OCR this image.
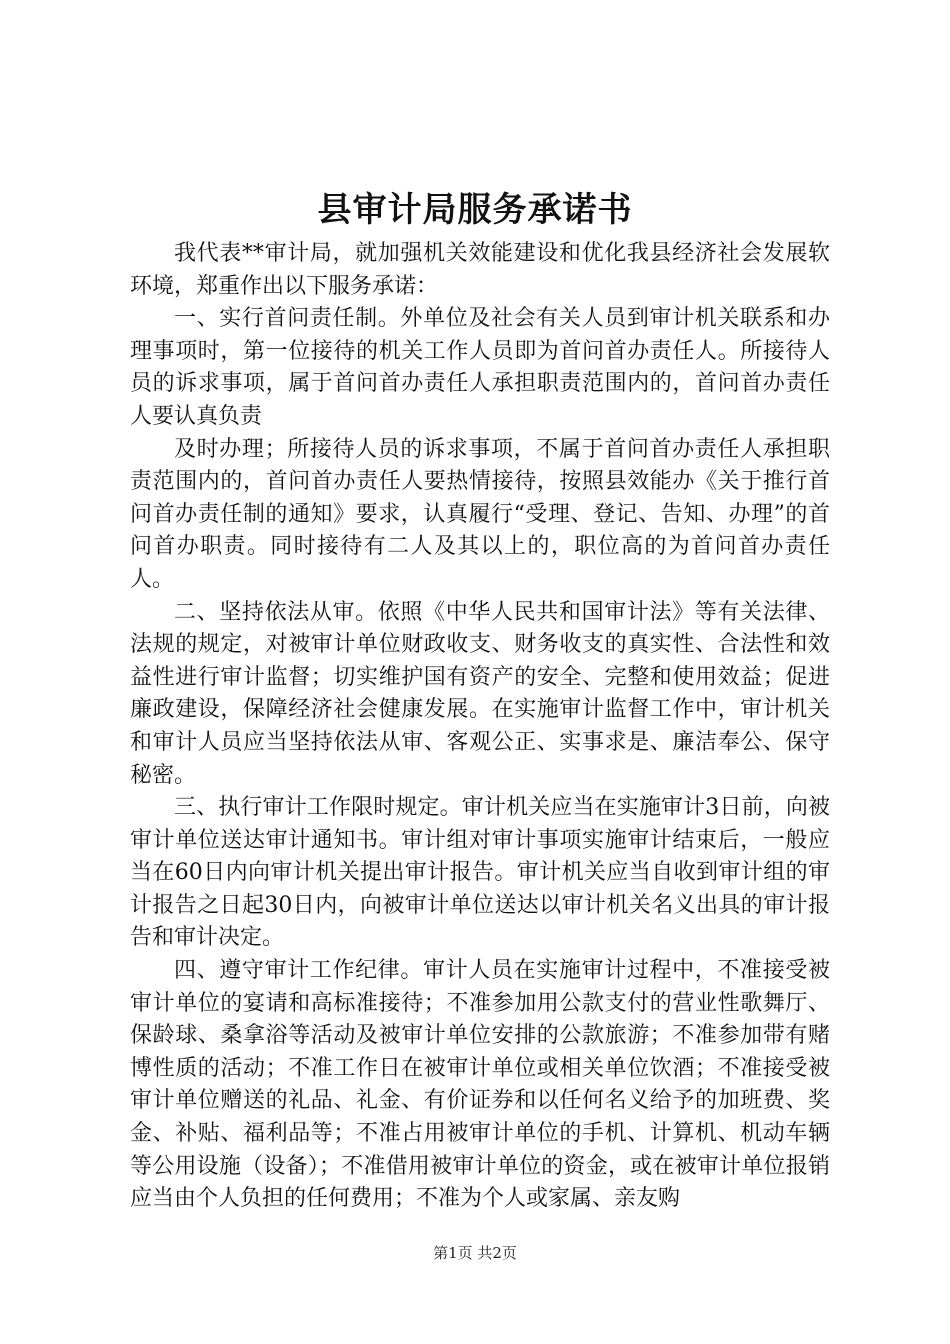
县审计局服务承诺书

我代表**审计局，就加强机关效能建设和优化我县经济社会发展软环境，郑重作出以下服务承诺：

一、实行首问责任制。外单位及社会有关人员到审计机关联系和办理事项时，第一位接待的机关工作人员即为首问首办责任人。所接待人员的诉求事项，属于首问首办责任人承担职责范围内的，首问首办责任人要认真负责

及时办理；所接待人员的诉求事项，不属于首问首办责任人承担职责范围内的，首问首办责任人要热情接待，按照县效能办《关于推行首问首办责任制的通知》要求，认真履行“受理、登记、告知、办理”的首问首办职责。同时接待有二人及其以上的，职位高的为首问首办责任人。

二、坚持依法从审。依照《中华人民共和国审计法》等有关法律、法规的规定，对被审计单位财政收支、财务收支的真实性、合法性和效益性进行审计监督；切实维护国有资产的安全、完整和使用效益；促进廉政建设，保障经济社会健康发展。在实施审计监督工作中，审计机关和审计人员应当坚持依法从审、客观公正、实事求是、廉洁奉公、保守秘密。

三、执行审计工作限时规定。审计机关应当在实施审计3日前，向被审计单位送达审计通知书。审计组对审计事项实施审计结束后，一般应当在60日内向审计机关提出审计报告。审计机关应当自收到审计组的审计报告之日起30日内，向被审计单位送达以审计机关名义出具的审计报告和审计决定。

四、遵守审计工作纪律。审计人员在实施审计过程中，不准接受被审计单位的宴请和高标准接待；不准参加用公款支付的营业性歌舞厅、保龄球、桑拿浴等活动及被审计单位安排的公款旅游；不准参加带有赌博性质的活动；不准工作日在被审计单位或相关单位饮酒；不准接受被审计单位赠送的礼品、礼金、有价证券和以任何名义给予的加班费、奖金、补贴、福利品等；不准占用被审计单位的手机、计算机、机动车辆等公用设施（设备）；不准借用被审计单位的资金，或在被审计单位报销应当由个人负担的任何费用；不准为个人或家属、亲友购

第1页 共2页
